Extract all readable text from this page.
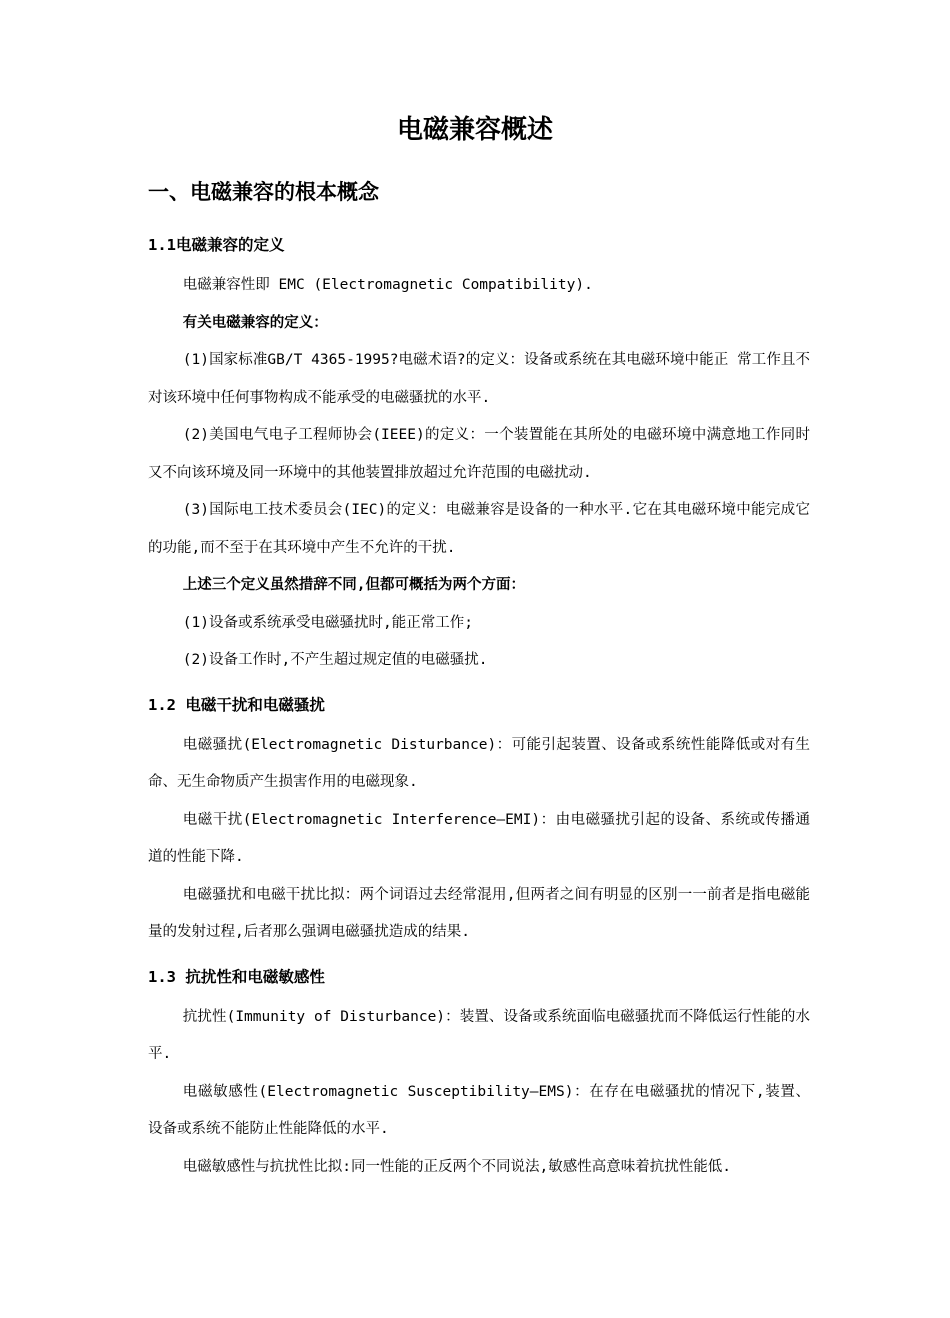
电磁兼容概述
一、电磁兼容的根本概念
1.1电磁兼容的定义

电磁兼容性即 EMC (Electromagnetic Compatibility).

有关电磁兼容的定义：

(1)国家标准GB/T 4365-1995?电磁术语?的定义：设备或系统在其电磁环境中能正 常工作且不对该环境中任何事物构成不能承受的电磁骚扰的水平.

(2)美国电气电子工程师协会(IEEE)的定义：一个装置能在其所处的电磁环境中满意地工作同时又不向该环境及同一环境中的其他装置排放超过允许范围的电磁扰动.

(3)国际电工技术委员会(IEC)的定义：电磁兼容是设备的一种水平.它在其电磁环境中能完成它的功能,而不至于在其环境中产生不允许的干扰.

上述三个定义虽然措辞不同,但都可概括为两个方面：

(1)设备或系统承受电磁骚扰时,能正常工作;

(2)设备工作时,不产生超过规定值的电磁骚扰.

1.2 电磁干扰和电磁骚扰

电磁骚扰(Electromagnetic Disturbance)：可能引起装置、设备或系统性能降低或对有生命、无生命物质产生损害作用的电磁现象.

电磁干扰(Electromagnetic Interference—EMI)：由电磁骚扰引起的设备、系统或传播通道的性能下降.

电磁骚扰和电磁干扰比拟：两个词语过去经常混用,但两者之间有明显的区别一一前者是指电磁能量的发射过程,后者那么强调电磁骚扰造成的结果.

1.3 抗扰性和电磁敏感性

抗扰性(Immunity of Disturbance)：装置、设备或系统面临电磁骚扰而不降低运行性能的水平.

电磁敏感性(Electromagnetic Susceptibility—EMS)：在存在电磁骚扰的情况下,装置、设备或系统不能防止性能降低的水平.

电磁敏感性与抗扰性比拟:同一性能的正反两个不同说法,敏感性高意味着抗扰性能低.
